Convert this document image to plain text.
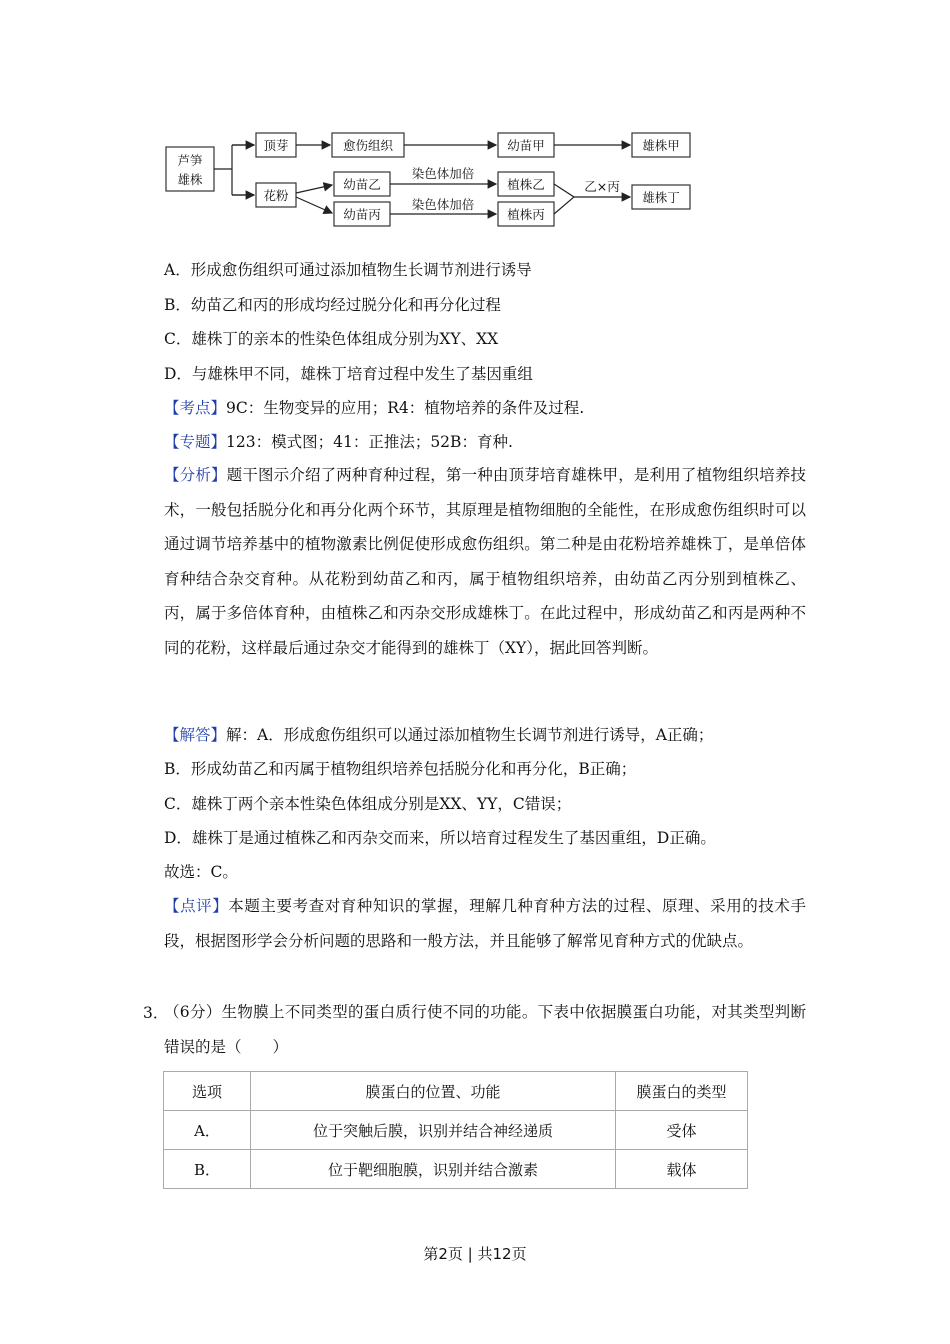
芦笋
雄株
顶芽	愈伤组织	幼苗甲	雄株甲
花粉
幼苗乙
幼苗丙
植株乙
植株丙
雄株丁
染色体加倍
染色体加倍
乙×丙
A．形成愈伤组织可通过添加植物生长调节剂进行诱导
B．幼苗乙和丙的形成均经过脱分化和再分化过程
C．雄株丁的亲本的性染色体组成分别为XY、XX
D．与雄株甲不同，雄株丁培育过程中发生了基因重组
【考点】9C：生物变异的应用；R4：植物培养的条件及过程.
【专题】123：模式图；41：正推法；52B：育种.

【分析】题干图示介绍了两种育种过程，第一种由顶芽培育雄株甲，是利用了植物组织培养技术，一般包括脱分化和再分化两个环节，其原理是植物细胞的全能性，在形成愈伤组织时可以通过调节培养基中的植物激素比例促使形成愈伤组织。第二种是由花粉培养雄株丁，是单倍体育种结合杂交育种。从花粉到幼苗乙和丙，属于植物组织培养，由幼苗乙丙分别到植株乙、丙，属于多倍体育种，由植株乙和丙杂交形成雄株丁。在此过程中，形成幼苗乙和丙是两种不同的花粉，这样最后通过杂交才能得到的雄株丁（XY），据此回答判断。

【解答】解：A．形成愈伤组织可以通过添加植物生长调节剂进行诱导，A正确；
B．形成幼苗乙和丙属于植物组织培养包括脱分化和再分化，B正确；
C．雄株丁两个亲本性染色体组成分别是XX、YY，C错误；
D．雄株丁是通过植株乙和丙杂交而来，所以培育过程发生了基因重组，D正确。
故选：C。

【点评】本题主要考查对育种知识的掌握，理解几种育种方法的过程、原理、采用的技术手段，根据图形学会分析问题的思路和一般方法，并且能够了解常见育种方式的优缺点。

3．

（6分）生物膜上不同类型的蛋白质行使不同的功能。下表中依据膜蛋白功能，对其类型判断错误的是（　　）

选项	膜蛋白的位置、功能	膜蛋白的类型
A．	位于突触后膜，识别并结合神经递质	受体
B．	位于靶细胞膜，识别并结合激素	载体
第2页 | 共12页
